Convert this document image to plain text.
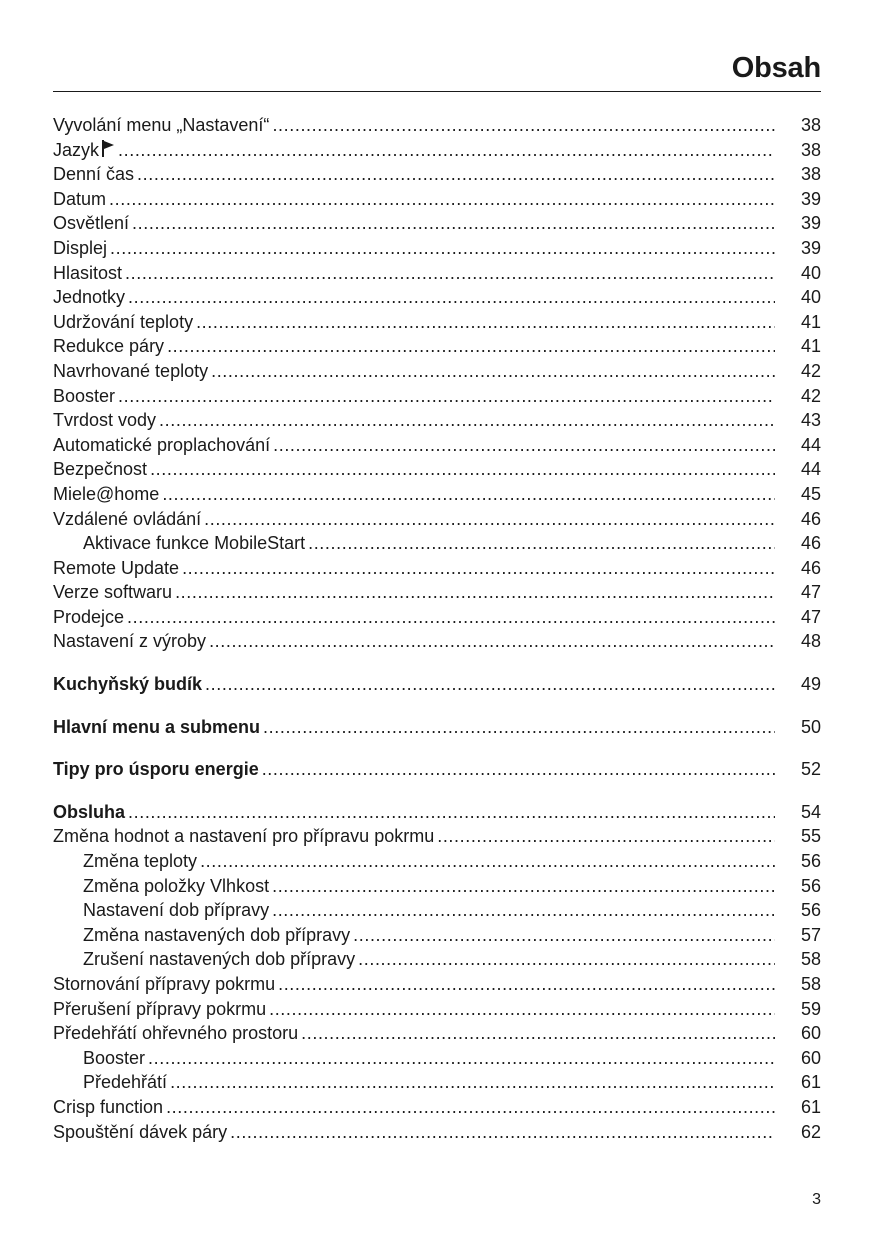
Obsah
Vyvolání menu „Nastavení“ .....	38
Jazyk .....	38
Denní čas .....	38
Datum .....	39
Osvětlení .....	39
Displej .....	39
Hlasitost .....	40
Jednotky .....	40
Udržování teploty .....	41
Redukce páry .....	41
Navrhované teploty .....	42
Booster .....	42
Tvrdost vody .....	43
Automatické proplachování .....	44
Bezpečnost .....	44
Miele@home .....	45
Vzdálené ovládání .....	46
Aktivace funkce MobileStart .....	46
Remote Update .....	46
Verze softwaru .....	47
Prodejce .....	47
Nastavení z výroby .....	48
Kuchyňský budík .....	49
Hlavní menu a submenu .....	50
Tipy pro úsporu energie .....	52
Obsluha .....	54
Změna hodnot a nastavení pro přípravu pokrmu .....	55
Změna teploty .....	56
Změna položky Vlhkost .....	56
Nastavení dob přípravy .....	56
Změna nastavených dob přípravy .....	57
Zrušení nastavených dob přípravy .....	58
Stornování přípravy pokrmu .....	58
Přerušení přípravy pokrmu .....	59
Předehřátí ohřevného prostoru .....	60
Booster .....	60
Předehřátí .....	61
Crisp function .....	61
Spouštění dávek páry .....	62
3
